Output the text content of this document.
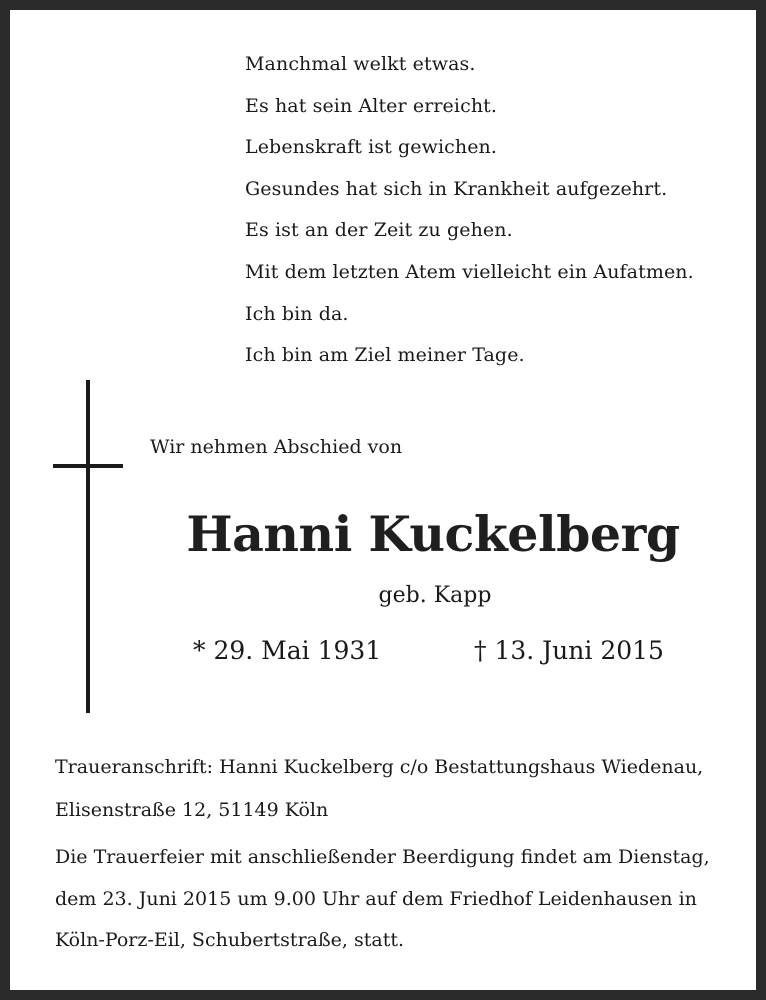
Manchmal welkt etwas.
Es hat sein Alter erreicht.
Lebenskraft ist gewichen.
Gesundes hat sich in Krankheit aufgezehrt.
Es ist an der Zeit zu gehen.
Mit dem letzten Atem vielleicht ein Aufatmen.
Ich bin da.
Ich bin am Ziel meiner Tage.
Wir nehmen Abschied von
Hanni Kuckelberg
geb. Kapp
* 29. Mai 1931	† 13. Juni 2015
Traueranschrift: Hanni Kuckelberg c/o Bestattungshaus Wiedenau,
Elisenstraße 12, 51149 Köln
Die Trauerfeier mit anschließender Beerdigung findet am Dienstag,
dem 23. Juni 2015 um 9.00 Uhr auf dem Friedhof Leidenhausen in
Köln-Porz-Eil, Schubertstraße, statt.
